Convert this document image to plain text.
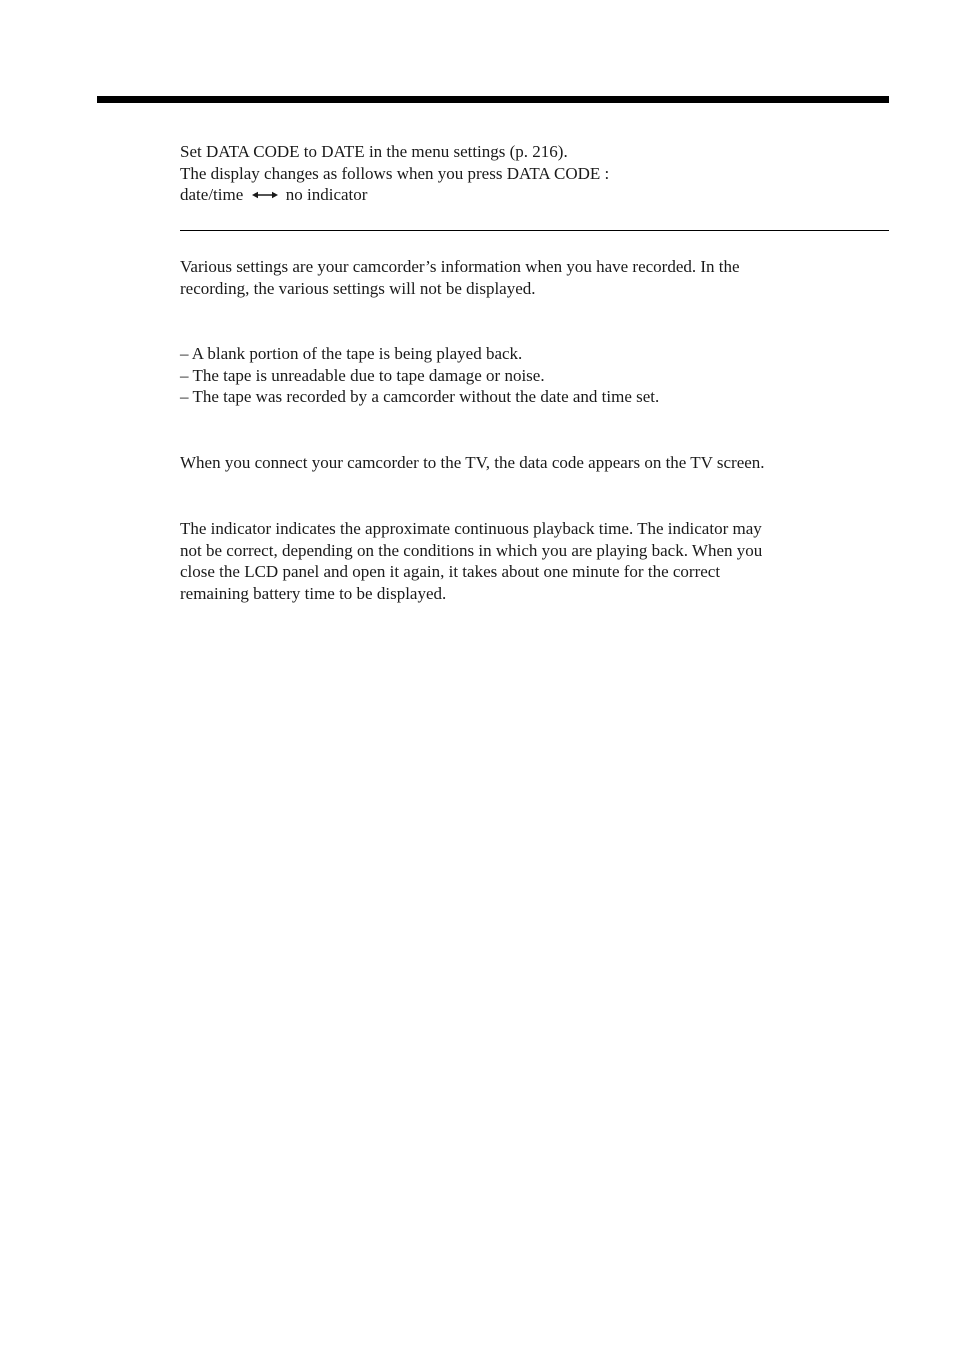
Set DATA CODE to DATE in the menu settings (p. 216).
The display changes as follows when you press DATA CODE :
date/time	no indicator
Various settings are your camcorder’s information when you have recorded. In the
recording, the various settings will not be displayed.
– A blank portion of the tape is being played back.
– The tape is unreadable due to tape damage or noise.
– The tape was recorded by a camcorder without the date and time set.
When you connect your camcorder to the TV, the data code appears on the TV screen.
The indicator indicates the approximate continuous playback time. The indicator may
not be correct, depending on the conditions in which you are playing back. When you
close the LCD panel and open it again, it takes about one minute for the correct
remaining battery time to be displayed.
